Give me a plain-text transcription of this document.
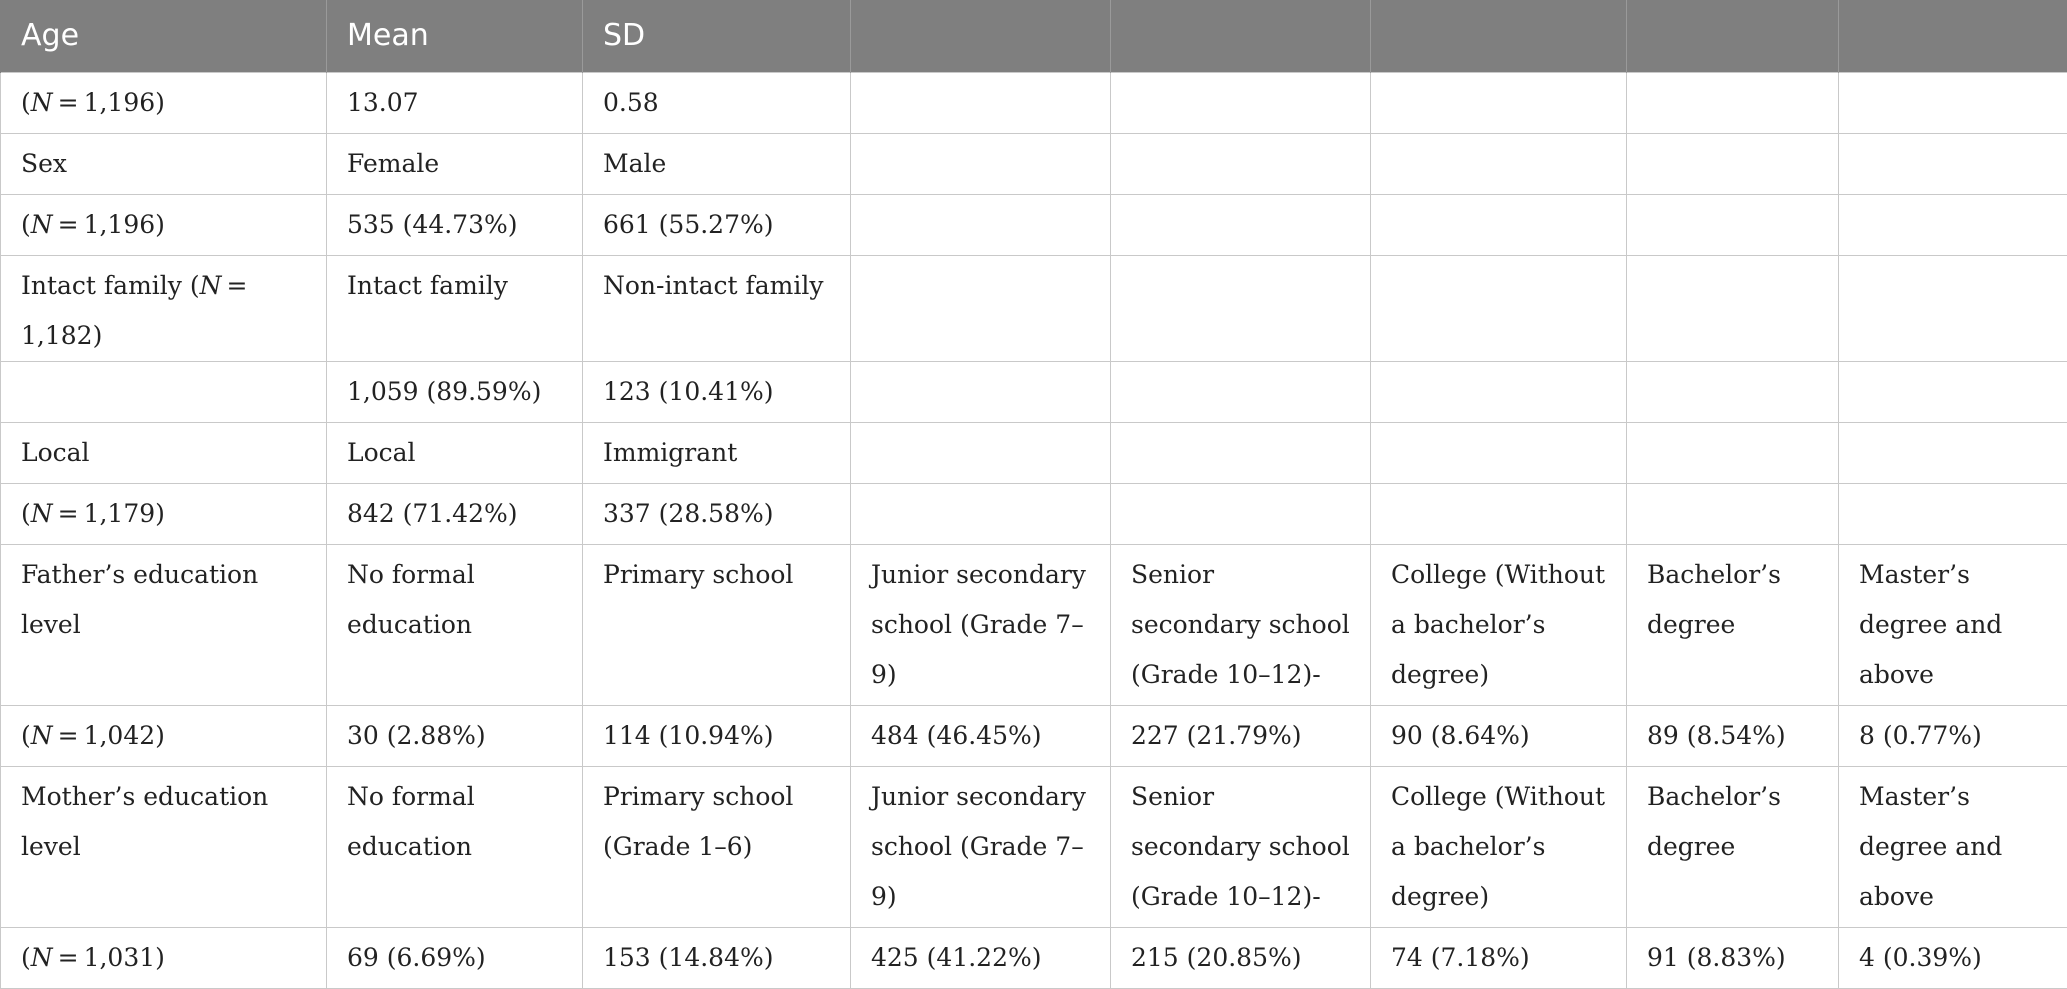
Age	Mean	SD					
(N = 1,196)	13.07	0.58					
Sex	Female	Male					
(N = 1,196)	535 (44.73%)	661 (55.27%)					
Intact family (N = 1,182)	Intact family	Non-intact family					
	1,059 (89.59%)	123 (10.41%)					
Local	Local	Immigrant					
(N = 1,179)	842 (71.42%)	337 (28.58%)					
Father’s education level	No formal education	Primary school	Junior secondary school (Grade 7–9)	Senior secondary school (Grade 10–12)-	College (Without a bachelor’s degree)	Bachelor’s degree	Master’s degree and above
(N = 1,042)	30 (2.88%)	114 (10.94%)	484 (46.45%)	227 (21.79%)	90 (8.64%)	89 (8.54%)	8 (0.77%)
Mother’s education level	No formal education	Primary school (Grade 1–6)	Junior secondary school (Grade 7–9)	Senior secondary school (Grade 10–12)-	College (Without a bachelor’s degree)	Bachelor’s degree	Master’s degree and above
(N = 1,031)	69 (6.69%)	153 (14.84%)	425 (41.22%)	215 (20.85%)	74 (7.18%)	91 (8.83%)	4 (0.39%)
